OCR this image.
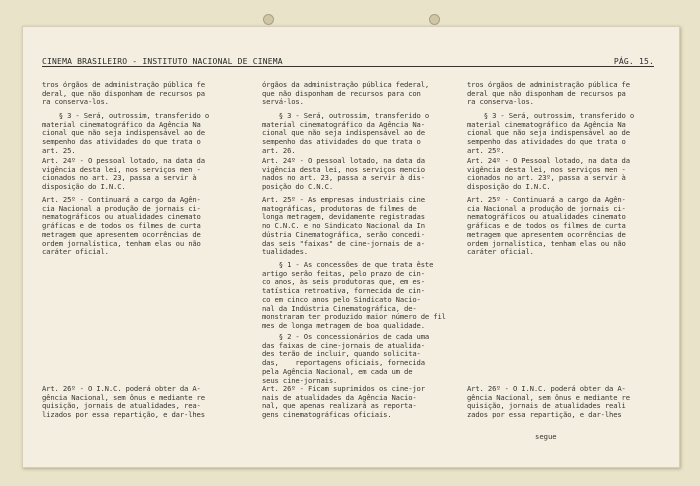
CINEMA BRASILEIRO - INSTITUTO NACIONAL DE CINEMA	PÁG. 15.
tros órgãos de administração pública fe
deral, que não disponham de recursos pa
ra conserva-los.
§ 3 - Será, outrossim, transferido o
material cinematográfico da Agência Na
cional que não seja indispensável ao de
sempenho das atividades do que trata o
art. 25.
Art. 24º - O pessoal lotado, na data da
vigência desta lei, nos serviços men -
cionados no art. 23, passa a servir à
disposição do I.N.C.
Art. 25º - Continuará a cargo da Agên-
cia Nacional a produção de jornais ci-
nematográficos ou atualidades cinemato
gráficas e de todos os filmes de curta
metragem que apresentem ocorrências de
ordem jornalística, tenham elas ou não
caráter oficial.
Art. 26º - O I.N.C. poderá obter da A-
gência Nacional, sem ônus e mediante re
quisição, jornais de atualidades, rea-
lizados por essa repartição, e dar-lhes
órgãos da administração pública federal,
que não disponham de recursos para con
servá-los.
§ 3 - Será, outrossim, transferido o
material cinematográfico da Agência Na-
cional que não seja indispensável ao de
sempenho das atividades do que trata o
art. 26.
Art. 24º - O pessoal lotado, na data da
vigência desta lei, nos serviços mencio
nados no art. 23, passa a servir à dis-
posição do C.N.C.
Art. 25º - As empresas industriais cine
matográficas, produtoras de filmes de
longa metragem, devidamente registradas
no C.N.C. e no Sindicato Nacional da In
dústria Cinematográfica, serão concedi-
das seis "faixas" de cine-jornais de a-
tualidades.
§ 1 - As concessões de que trata êste
artigo serão feitas, pelo prazo de cin-
co anos, às seis produtoras que, em es-
tatística retroativa, fornecida de cin-
co em cinco anos pelo Sindicato Nacio-
nal da Indústria Cinematográfica, de-
monstraram ter produzido maior número de fil
mes de longa metragem de boa qualidade.
§ 2 - Os concessionários de cada uma
das faixas de cine-jornais de atualida-
des terão de incluir, quando solicita-
das,    reportagens oficiais, fornecida
pela Agência Nacional, em cada um de
seus cine-jornais.
Art. 26º - Ficam suprimidos os cine-jor
nais de atualidades da Agência Nacio-
nal, que apenas realizará as reporta-
gens cinematográficas oficiais.
tros órgãos de administração pública fe
deral que não disponham de recursos pa
ra conserva-los.
§ 3 - Será, outrossim, transferido o
material cinematográfico da Agência Na
cional que não seja indispensável ao de
sempenho das atividades do que trata o
art. 25º.
Art. 24º - O Pessoal lotado, na data da
vigência desta lei, nos serviços men -
cionados no art. 23º, passa a servir à
disposição do I.N.C.
Art. 25º - Continuará a cargo da Agên-
cia Nacional a produção de jornais ci-
nematográficos ou atualidades cinemato
gráficas e de todos os filmes de curta
metragem que apresentem ocorrências de
ordem jornalística, tenham elas ou não
caráter oficial.
Art. 26º - O I.N.C. poderá obter da A-
gência Nacional, sem ônus e mediante re
quisição, jornais de atualidades reali
zados por essa repartição, e dar-lhes
segue
